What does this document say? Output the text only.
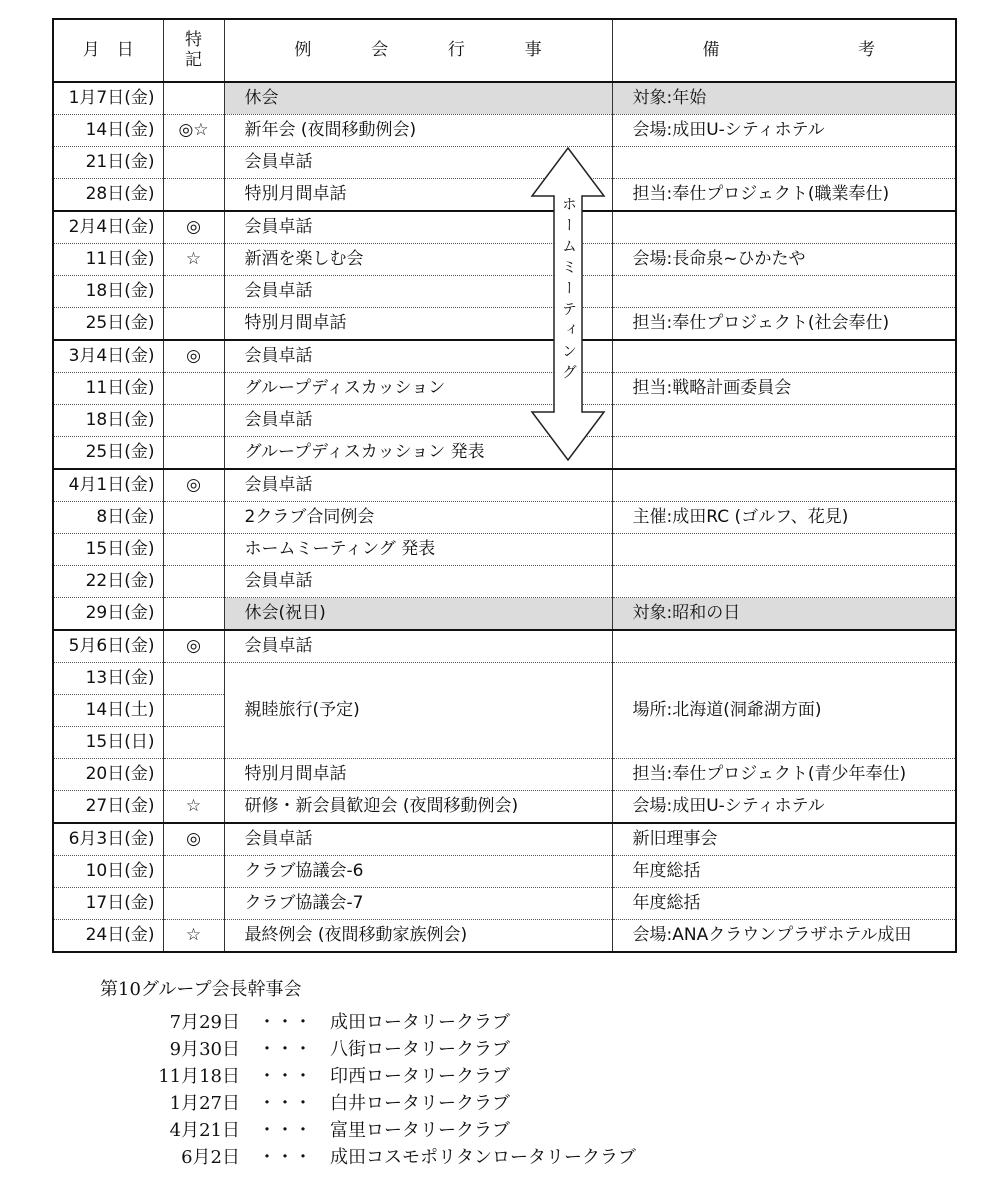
月　日	特記	例 会 行 事	備 考

1月7日(金)		休会	対象:年始
14日(金)	◎☆	新年会 (夜間移動例会)	会場:成田U-シティホテル
21日(金)		会員卓話	
28日(金)		特別月間卓話	担当:奉仕プロジェクト(職業奉仕)
2月4日(金)	◎	会員卓話	
11日(金)	☆	新酒を楽しむ会	会場:長命泉~ひかたや
18日(金)		会員卓話	
25日(金)		特別月間卓話	担当:奉仕プロジェクト(社会奉仕)
3月4日(金)	◎	会員卓話	
11日(金)		グループディスカッション	担当:戦略計画委員会
18日(金)		会員卓話	
25日(金)		グループディスカッション 発表	
4月1日(金)	◎	会員卓話	
8日(金)		2クラブ合同例会	主催:成田RC (ゴルフ、花見)
15日(金)		ホームミーティング 発表	
22日(金)		会員卓話	
29日(金)		休会(祝日)	対象:昭和の日
5月6日(金)	◎	会員卓話	
13日(金)		親睦旅行(予定)	場所:北海道(洞爺湖方面)
14日(土)			
15日(日)			
20日(金)		特別月間卓話	担当:奉仕プロジェクト(青少年奉仕)
27日(金)	☆	研修・新会員歓迎会 (夜間移動例会)	会場:成田U-シティホテル
6月3日(金)	◎	会員卓話	新旧理事会
10日(金)		クラブ協議会-6	年度総括
17日(金)		クラブ協議会-7	年度総括
24日(金)	☆	最終例会 (夜間移動家族例会)	会場:ANAクラウンプラザホテル成田
ホームミーティング
第10グループ会長幹事会
7月29日	・・・	成田ロータリークラブ
9月30日	・・・	八街ロータリークラブ
11月18日	・・・	印西ロータリークラブ
1月27日	・・・	白井ロータリークラブ
4月21日	・・・	富里ロータリークラブ
6月2日	・・・	成田コスモポリタンロータリークラブ
